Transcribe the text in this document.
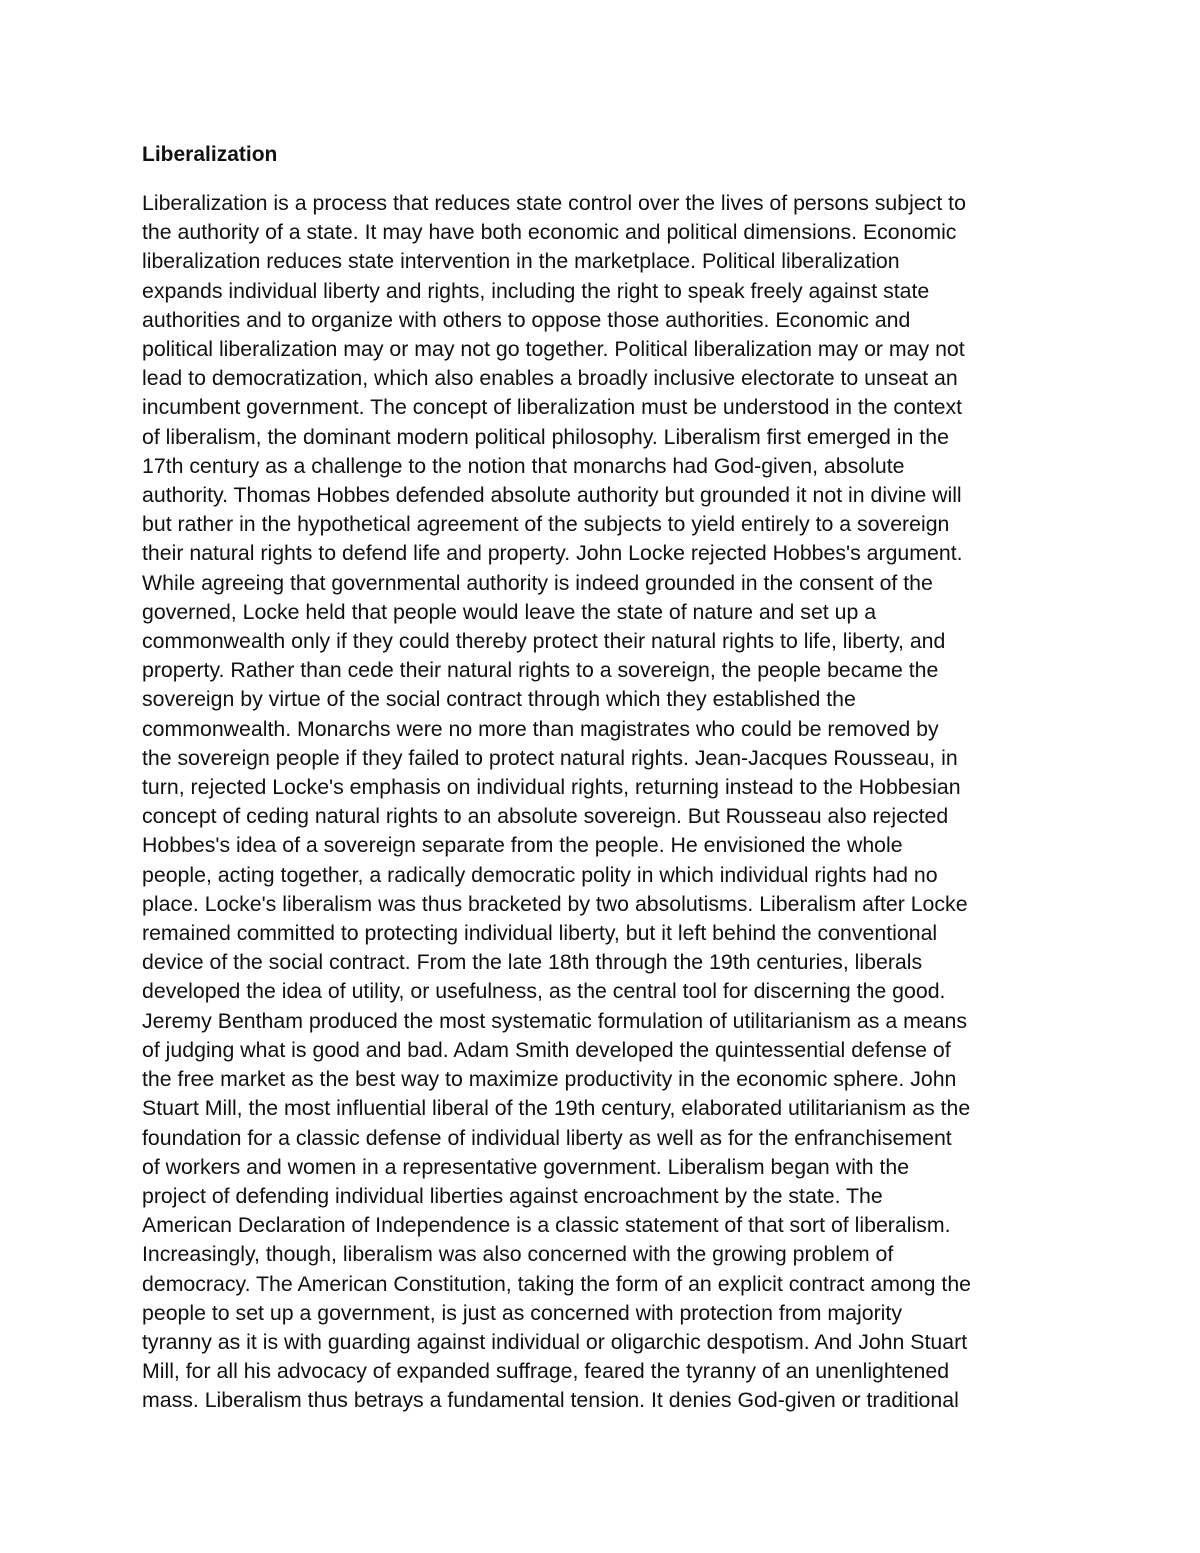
Liberalization

Liberalization is a process that reduces state control over the lives of persons subject to
the authority of a state. It may have both economic and political dimensions. Economic
liberalization reduces state intervention in the marketplace. Political liberalization
expands individual liberty and rights, including the right to speak freely against state
authorities and to organize with others to oppose those authorities. Economic and
political liberalization may or may not go together. Political liberalization may or may not
lead to democratization, which also enables a broadly inclusive electorate to unseat an
incumbent government. The concept of liberalization must be understood in the context
of liberalism, the dominant modern political philosophy. Liberalism first emerged in the
17th century as a challenge to the notion that monarchs had God-given, absolute
authority. Thomas Hobbes defended absolute authority but grounded it not in divine will
but rather in the hypothetical agreement of the subjects to yield entirely to a sovereign
their natural rights to defend life and property. John Locke rejected Hobbes's argument.
While agreeing that governmental authority is indeed grounded in the consent of the
governed, Locke held that people would leave the state of nature and set up a
commonwealth only if they could thereby protect their natural rights to life, liberty, and
property. Rather than cede their natural rights to a sovereign, the people became the
sovereign by virtue of the social contract through which they established the
commonwealth. Monarchs were no more than magistrates who could be removed by
the sovereign people if they failed to protect natural rights. Jean-Jacques Rousseau, in
turn, rejected Locke's emphasis on individual rights, returning instead to the Hobbesian
concept of ceding natural rights to an absolute sovereign. But Rousseau also rejected
Hobbes's idea of a sovereign separate from the people. He envisioned the whole
people, acting together, a radically democratic polity in which individual rights had no
place. Locke's liberalism was thus bracketed by two absolutisms. Liberalism after Locke
remained committed to protecting individual liberty, but it left behind the conventional
device of the social contract. From the late 18th through the 19th centuries, liberals
developed the idea of utility, or usefulness, as the central tool for discerning the good.
Jeremy Bentham produced the most systematic formulation of utilitarianism as a means
of judging what is good and bad. Adam Smith developed the quintessential defense of
the free market as the best way to maximize productivity in the economic sphere. John
Stuart Mill, the most influential liberal of the 19th century, elaborated utilitarianism as the
foundation for a classic defense of individual liberty as well as for the enfranchisement
of workers and women in a representative government. Liberalism began with the
project of defending individual liberties against encroachment by the state. The
American Declaration of Independence is a classic statement of that sort of liberalism.
Increasingly, though, liberalism was also concerned with the growing problem of
democracy. The American Constitution, taking the form of an explicit contract among the
people to set up a government, is just as concerned with protection from majority
tyranny as it is with guarding against individual or oligarchic despotism. And John Stuart
Mill, for all his advocacy of expanded suffrage, feared the tyranny of an unenlightened
mass. Liberalism thus betrays a fundamental tension. It denies God-given or traditional
